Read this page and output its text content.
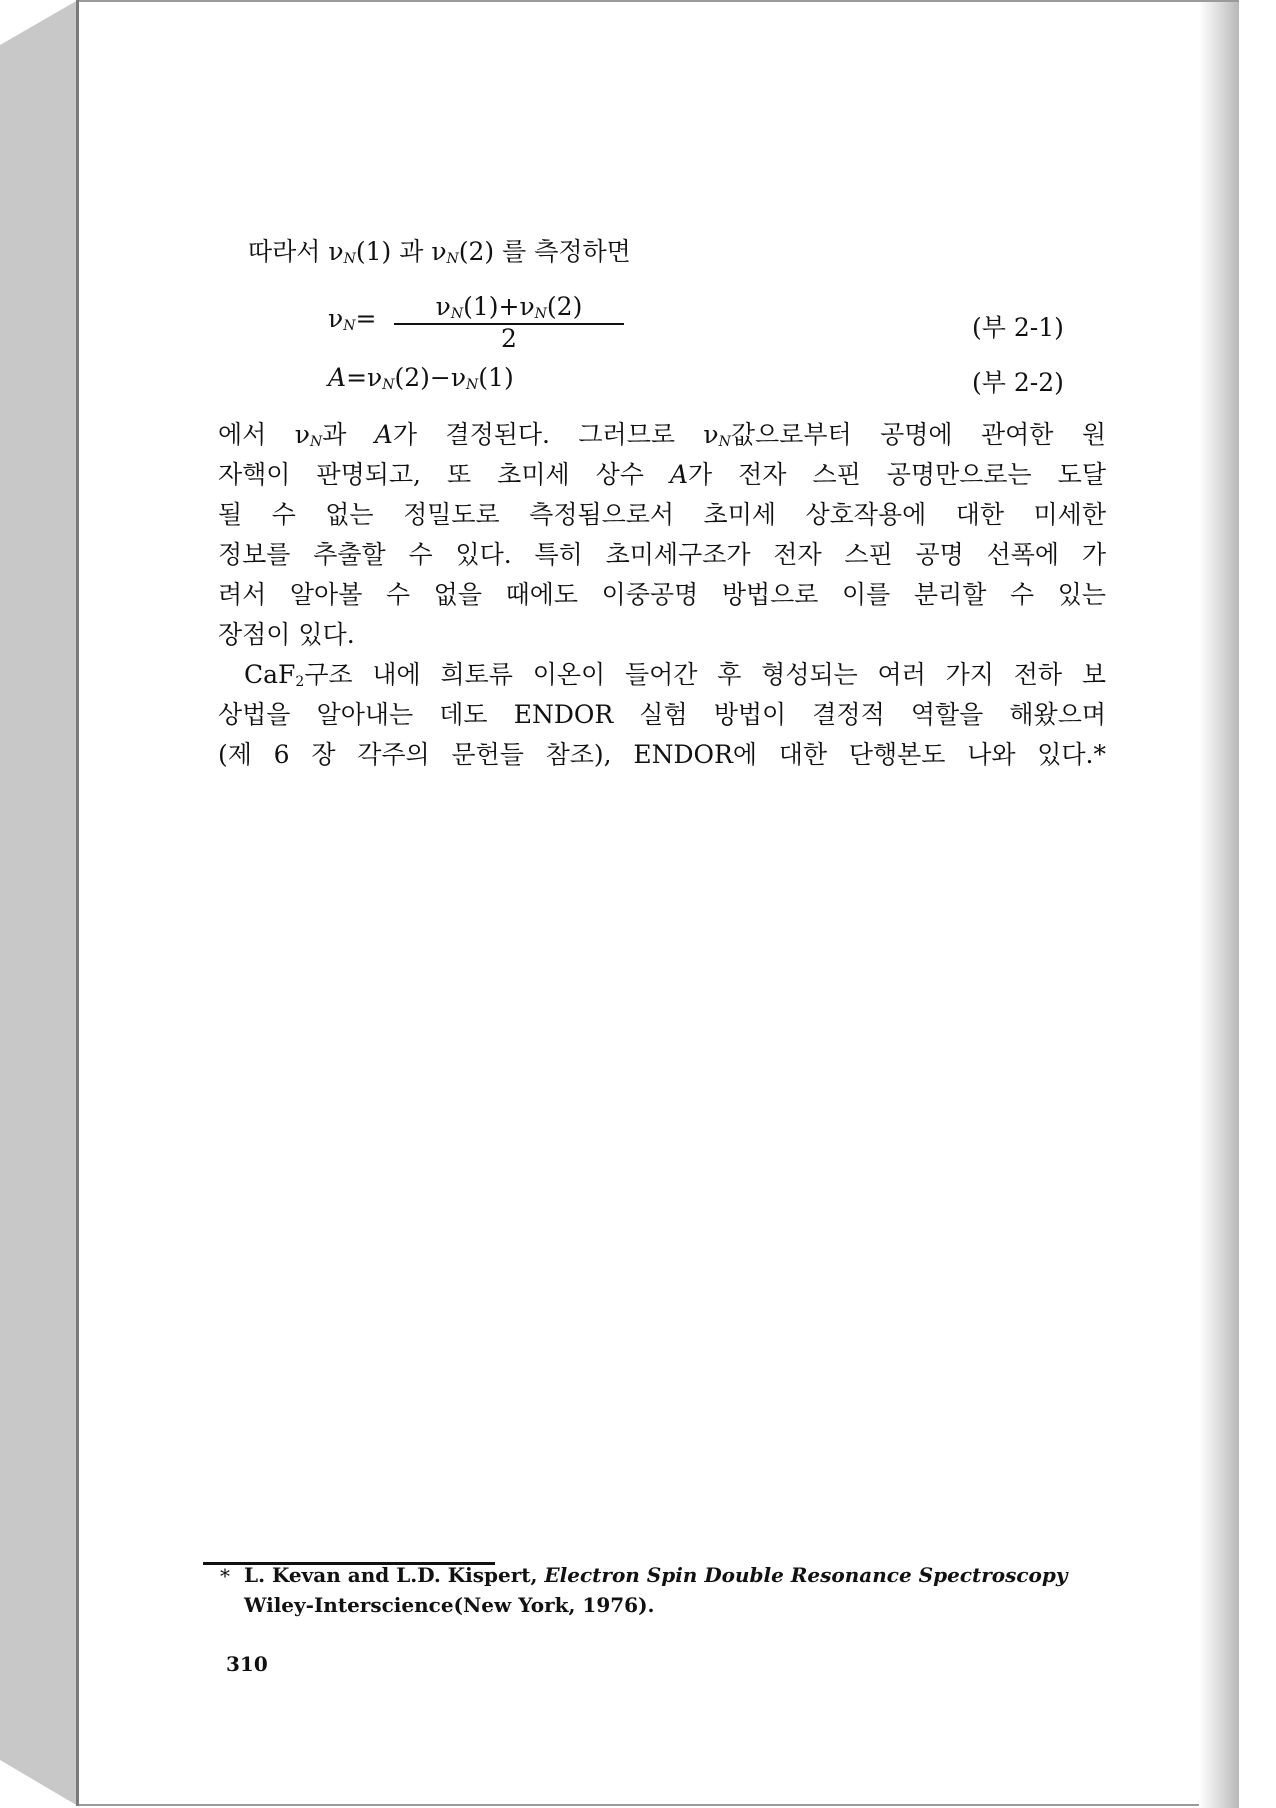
따라서 $\nu_N(1)$ 과 $\nu_N(2)$ 를 측정하면
$\nu_N= \frac{\nu_N(1)+\nu_N(2)}{2}$	(부 2-1)
$A=\nu_N(2)-\nu_N(1)$	(부 2-2)
에서 $\nu_N$과 A가 결정된다. 그러므로 $\nu_N$값으로부터 공명에 관여한 원
자핵이 판명되고, 또 초미세 상수 A가 전자 스핀 공명만으로는 도달
될 수 없는 정밀도로 측정됨으로서 초미세 상호작용에 대한 미세한
정보를 추출할 수 있다. 특히 초미세구조가 전자 스핀 공명 선폭에 가
려서 알아볼 수 없을 때에도 이중공명 방법으로 이를 분리할 수 있는
장점이 있다.
CaF$_2$구조 내에 희토류 이온이 들어간 후 형성되는 여러 가지 전하 보
상법을 알아내는 데도 ENDOR 실험 방법이 결정적 역할을 해왔으며
(제 6 장 각주의 문헌들 참조), ENDOR에 대한 단행본도 나와 있다.*
* L. Kevan and L.D. Kispert, Electron Spin Double Resonance Spectroscopy
Wiley-Interscience(New York, 1976).
310
